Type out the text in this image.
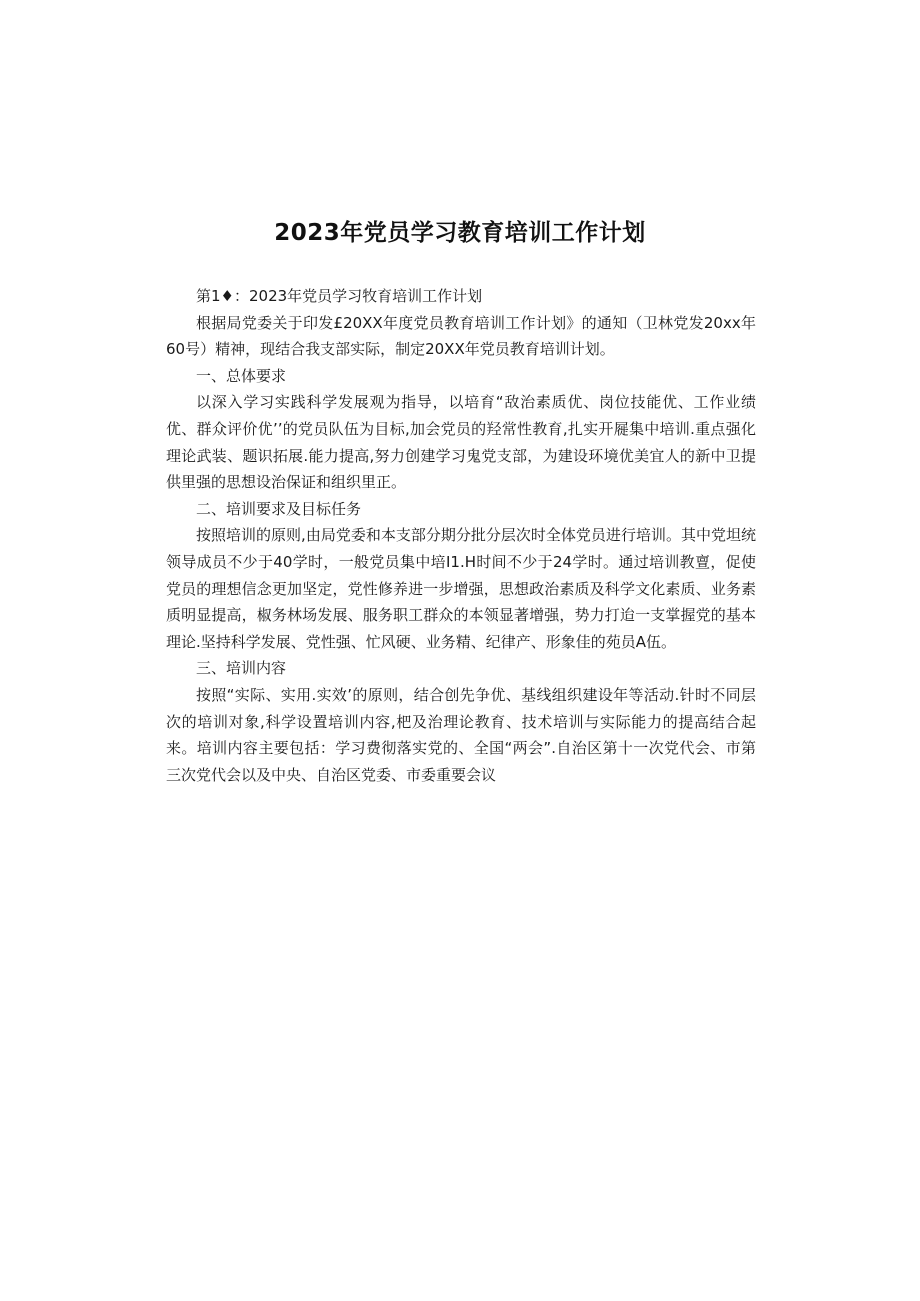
2023年党员学习教育培训工作计划

第1♦：2023年党员学习牧育培训工作计划

根据局党委关于印发£20XX年度党员教育培训工作计划》的通知（卫林党发20xx年60号）精神，现结合我支部实际，制定20XX年党员教育培训计划。

一、总体要求

以深入学习实践科学发展观为指导，以培育“敌治素质优、岗位技能优、工作业绩优、群众评价优’’的党员队伍为目标,加会党员的羟常性教育,扎实开屣集中培训.重点强化理论武装、题识拓展.能力提高,努力创建学习鬼党支部，为建设环境优美宜人的新中卫提供里强的思想设治保证和组织里正。

二、培训要求及目标任务

按照培训的原则,由局党委和本支部分期分批分层次时全体党员进行培训。其中党坦统领导成员不少于40学时，一般党员集中培I1.H时间不少于24学时。通过培训教亶，促使党员的理想信念更加坚定，党性修养进一步增强，思想政治素质及科学文化素质、业务素质明显提高，椒务林场发展、服务职工群众的本领显著增强，势力打迨一支掌握党的基本理论.坚持科学发展、党性强、忙风硬、业务精、纪律产、形象佳的苑员A伍。

三、培训内容

按照“实际、实用.实效’的原则，结合创先争优、基线组织建设年等活动.针时不同层次的培训对象,科学设置培训内容,杷及治理论教育、技术培训与实际能力的提高结合起来。培训内容主要包括：学习费彻落实党的、全国“两会”.自治区第十一次党代会、市第三次党代会以及中央、自治区党委、市委重要会议
